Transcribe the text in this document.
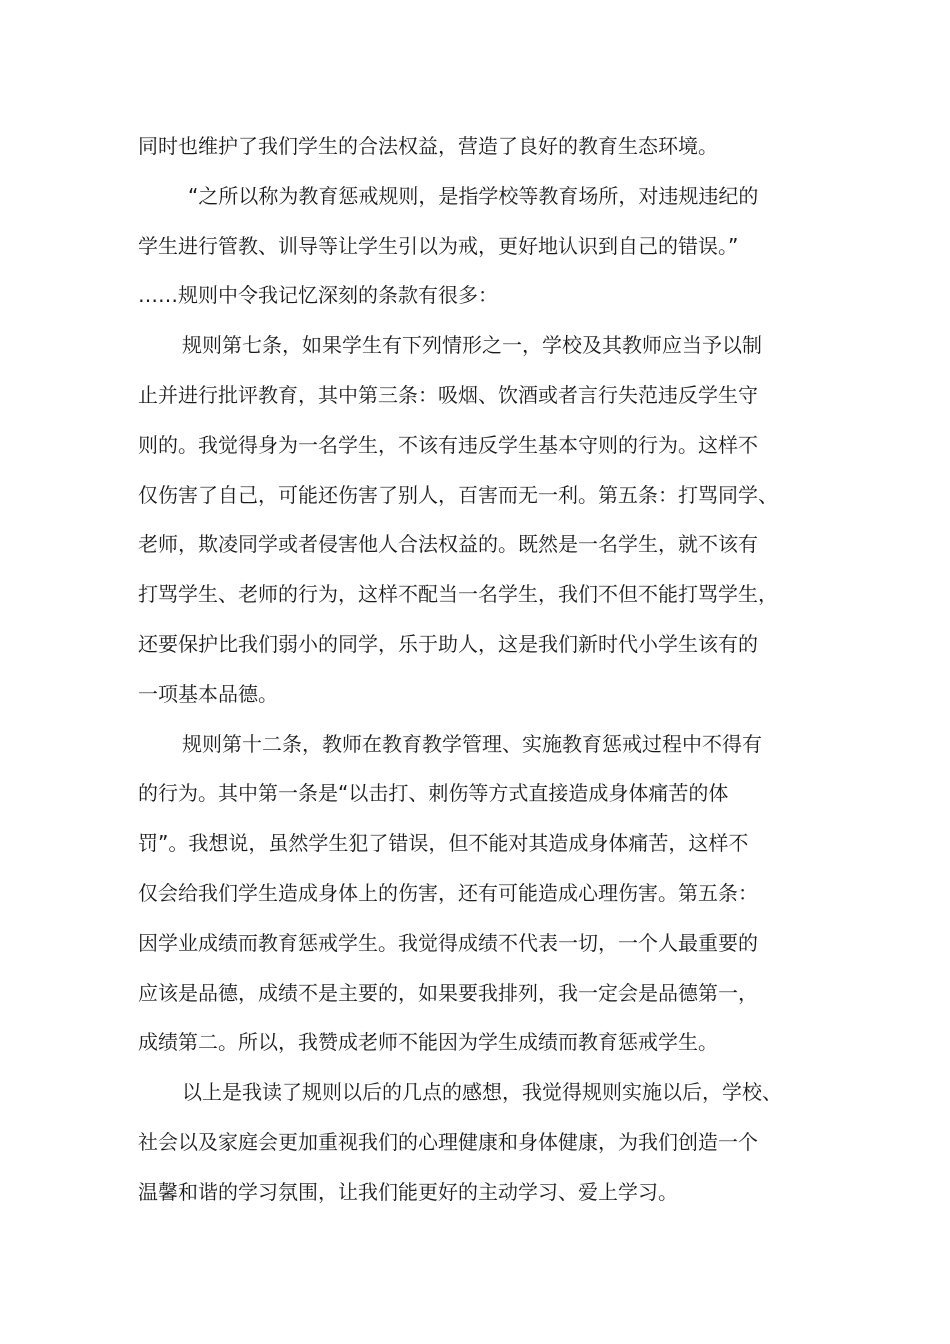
同时也维护了我们学生的合法权益，营造了良好的教育生态环境。
“之所以称为教育惩戒规则，是指学校等教育场所，对违规违纪的
学生进行管教、训导等让学生引以为戒，更好地认识到自己的错误。”
……规则中令我记忆深刻的条款有很多：
规则第七条，如果学生有下列情形之一，学校及其教师应当予以制
止并进行批评教育，其中第三条：吸烟、饮酒或者言行失范违反学生守
则的。我觉得身为一名学生，不该有违反学生基本守则的行为。这样不
仅伤害了自己，可能还伤害了别人，百害而无一利。第五条：打骂同学、
老师，欺凌同学或者侵害他人合法权益的。既然是一名学生，就不该有
打骂学生、老师的行为，这样不配当一名学生，我们不但不能打骂学生，
还要保护比我们弱小的同学，乐于助人，这是我们新时代小学生该有的
一项基本品德。
规则第十二条，教师在教育教学管理、实施教育惩戒过程中不得有
的行为。其中第一条是“以击打、刺伤等方式直接造成身体痛苦的体
罚”。我想说，虽然学生犯了错误，但不能对其造成身体痛苦，这样不
仅会给我们学生造成身体上的伤害，还有可能造成心理伤害。第五条：
因学业成绩而教育惩戒学生。我觉得成绩不代表一切，一个人最重要的
应该是品德，成绩不是主要的，如果要我排列，我一定会是品德第一，
成绩第二。所以，我赞成老师不能因为学生成绩而教育惩戒学生。
以上是我读了规则以后的几点的感想，我觉得规则实施以后，学校、
社会以及家庭会更加重视我们的心理健康和身体健康，为我们创造一个
温馨和谐的学习氛围，让我们能更好的主动学习、爱上学习。
